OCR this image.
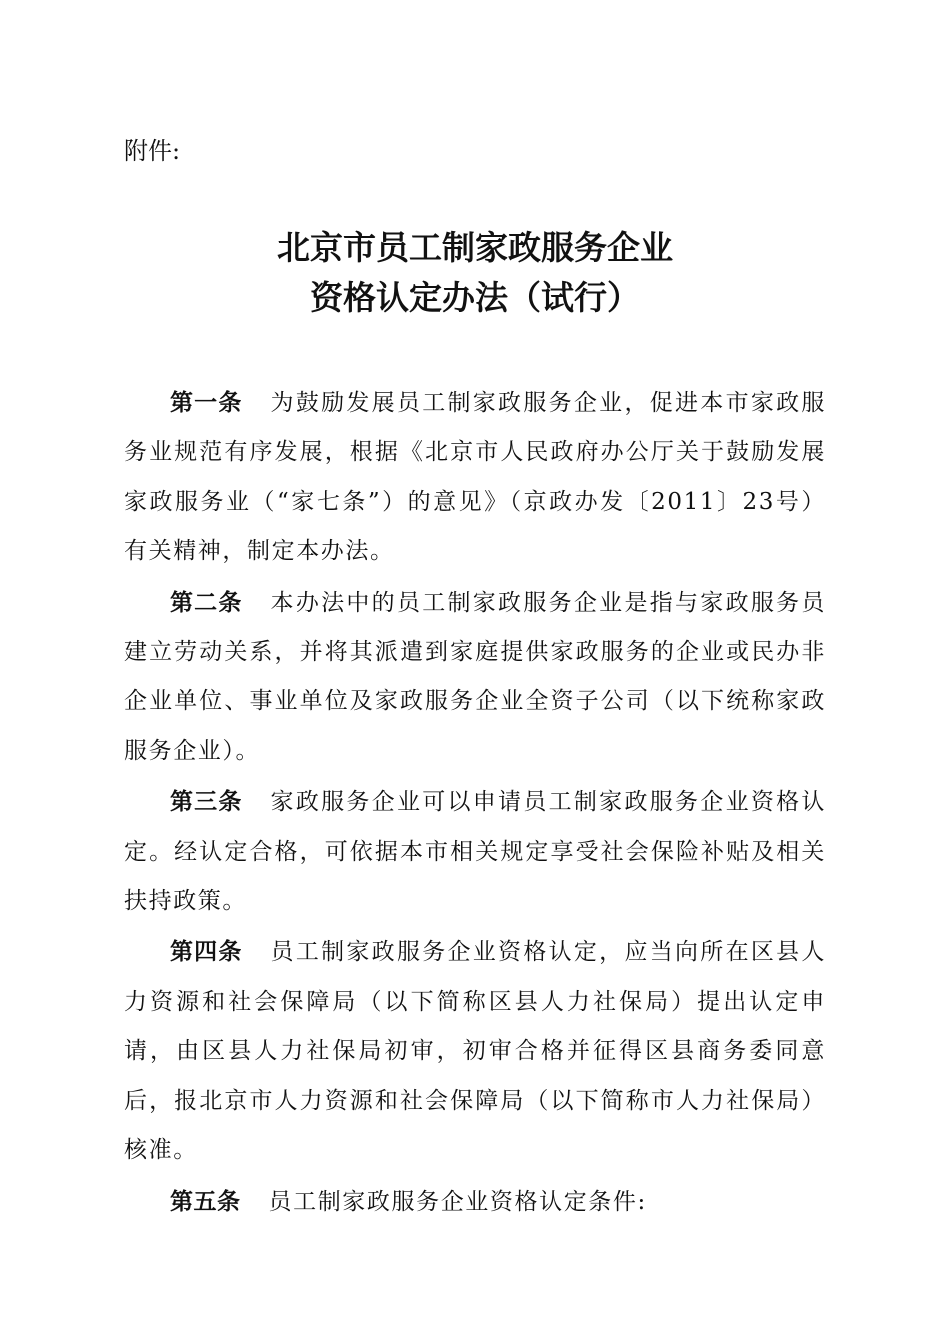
附件:

北京市员工制家政服务企业
资格认定办法（试行）

第一条 为鼓励发展员工制家政服务企业，促进本市家政服务业规范有序发展，根据《北京市人民政府办公厅关于鼓励发展家政服务业（“家七条”）的意见》（京政办发〔2011〕23号）有关精神，制定本办法。

第二条 本办法中的员工制家政服务企业是指与家政服务员建立劳动关系，并将其派遣到家庭提供家政服务的企业或民办非企业单位、事业单位及家政服务企业全资子公司（以下统称家政服务企业）。

第三条 家政服务企业可以申请员工制家政服务企业资格认定。经认定合格，可依据本市相关规定享受社会保险补贴及相关扶持政策。

第四条 员工制家政服务企业资格认定，应当向所在区县人力资源和社会保障局（以下简称区县人力社保局）提出认定申请，由区县人力社保局初审，初审合格并征得区县商务委同意后，报北京市人力资源和社会保障局（以下简称市人力社保局）核准。

第五条 员工制家政服务企业资格认定条件:
